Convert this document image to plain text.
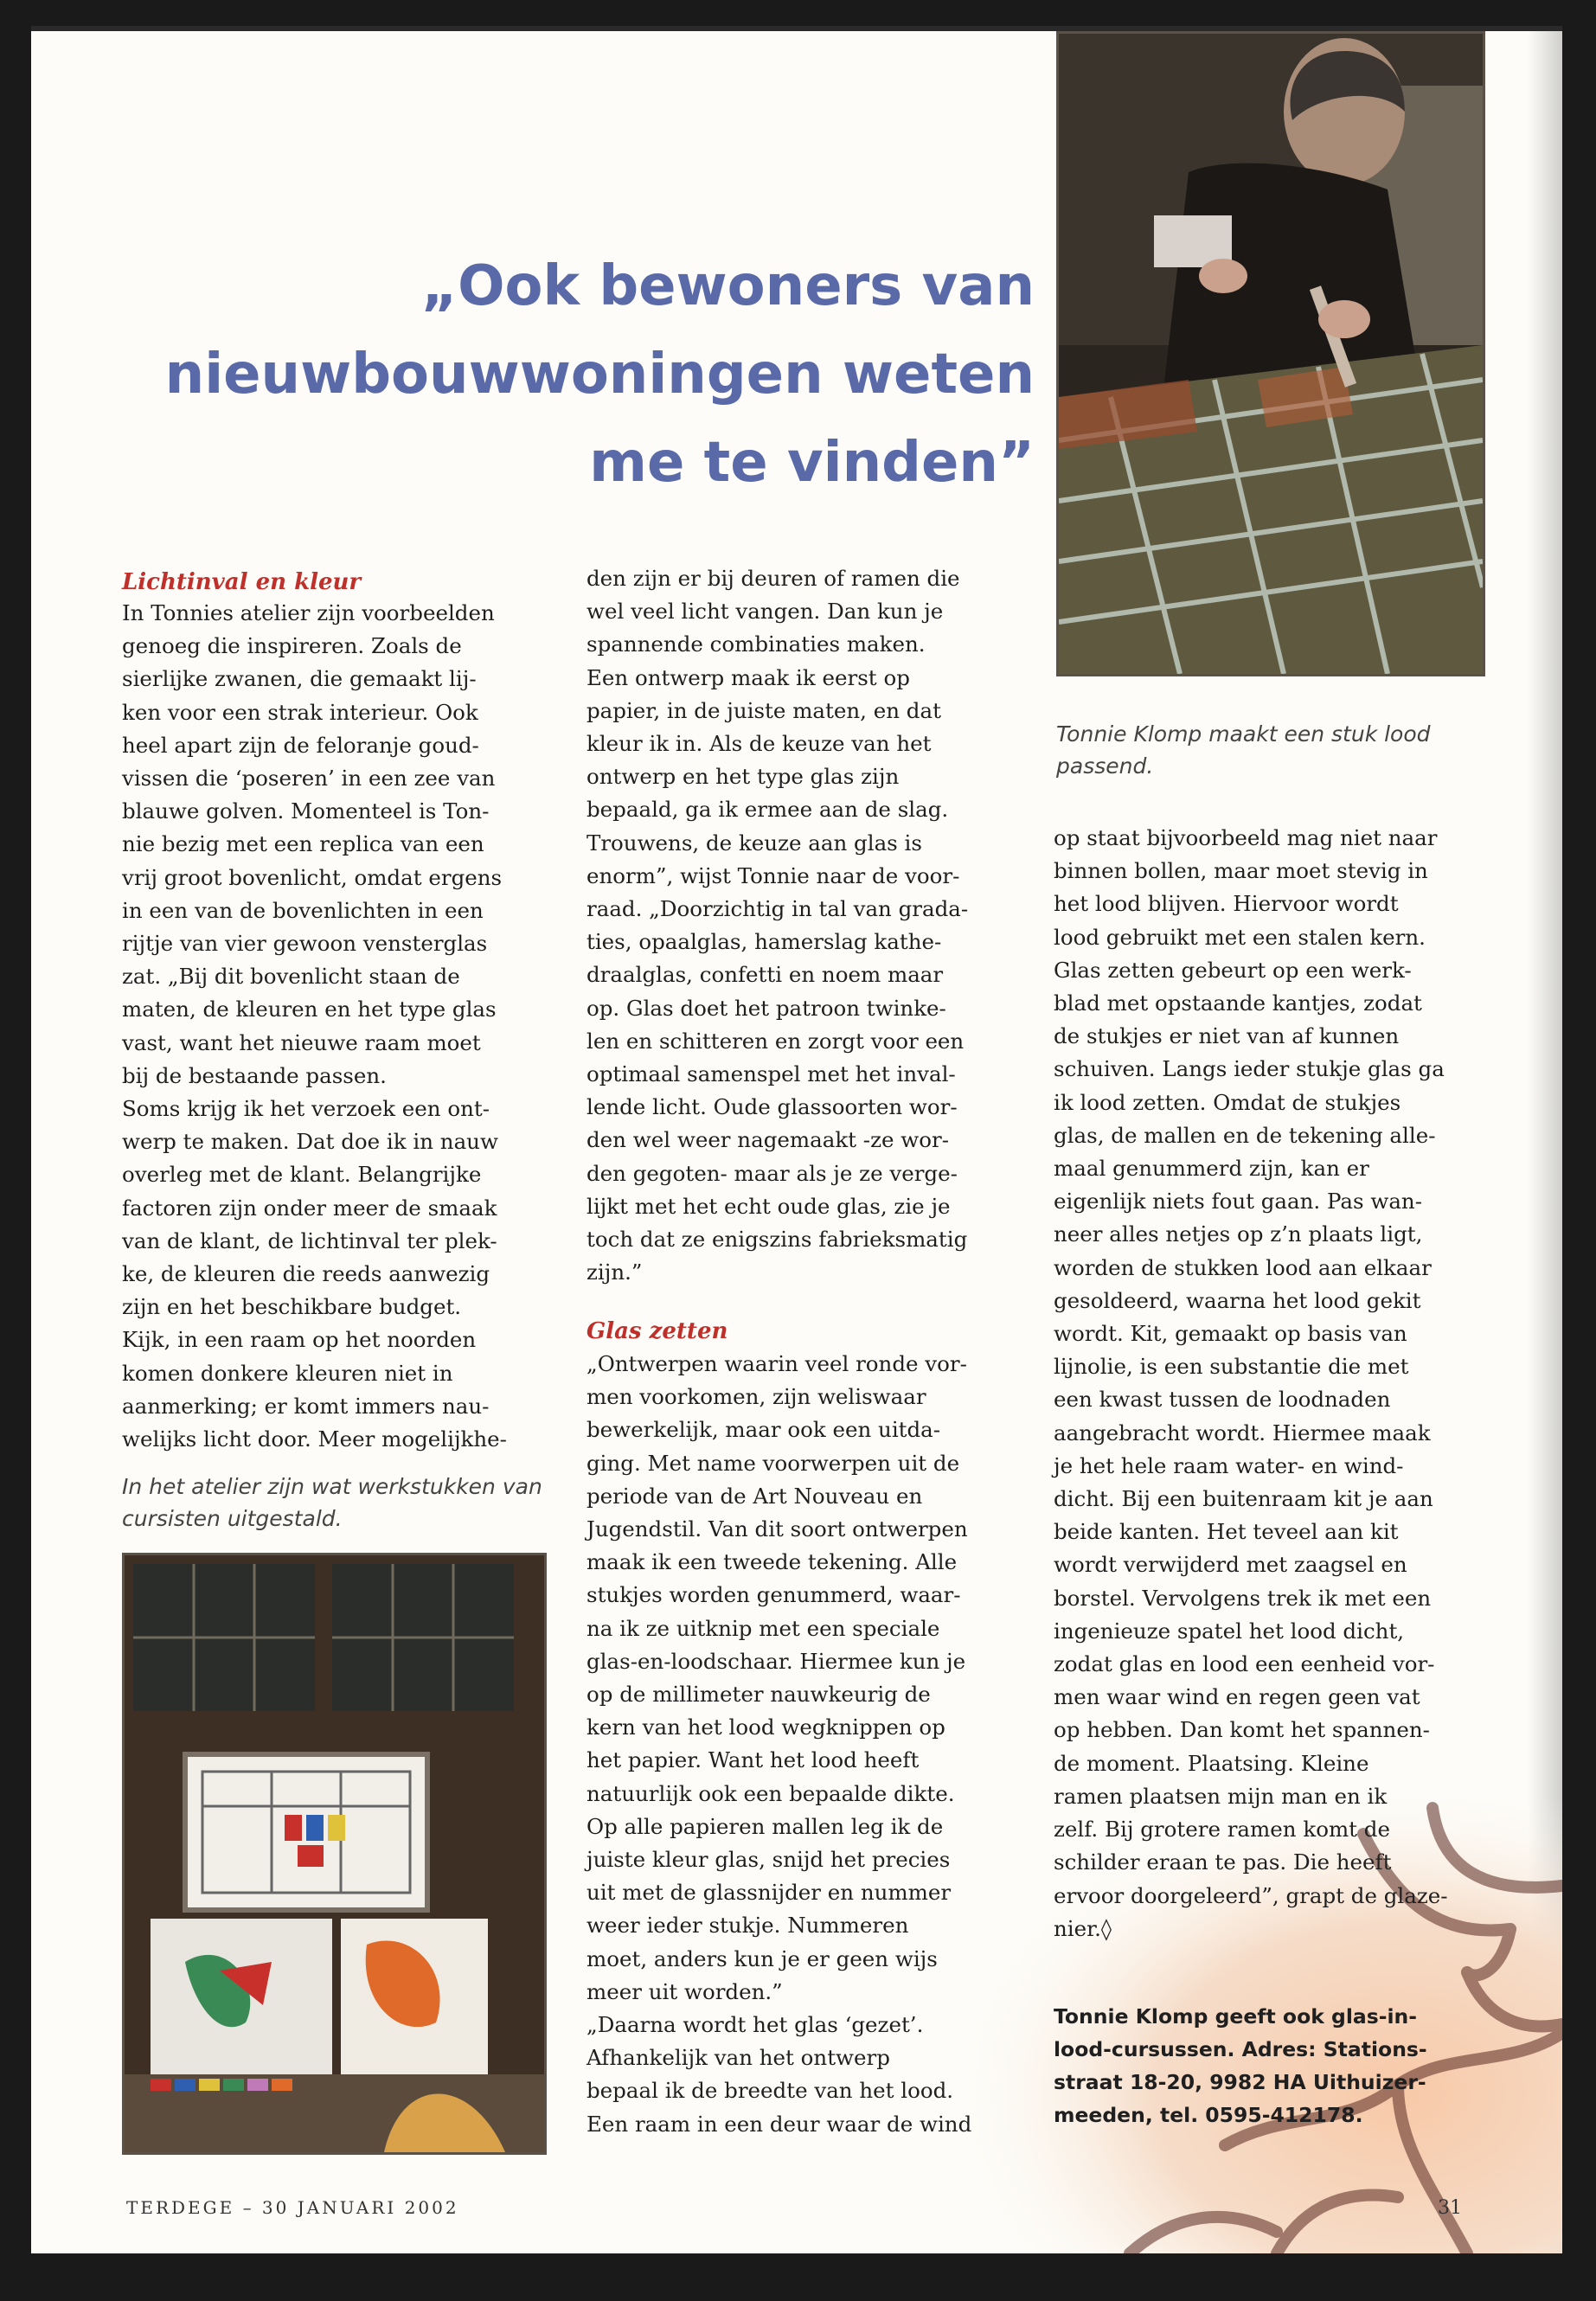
„Ook bewoners van
nieuwbouwwoningen weten
me te vinden”
Tonnie Klomp maakt een stuk lood passend.
Lichtinval en kleur
Glas zetten
In Tonnies atelier zijn voorbeelden
genoeg die inspireren. Zoals de
sierlijke zwanen, die gemaakt lij-
ken voor een strak interieur. Ook
heel apart zijn de feloranje goud-
vissen die ‘poseren’ in een zee van
blauwe golven. Momenteel is Ton-
nie bezig met een replica van een
vrij groot bovenlicht, omdat ergens
in een van de bovenlichten in een
rijtje van vier gewoon vensterglas
zat. „Bij dit bovenlicht staan de
maten, de kleuren en het type glas
vast, want het nieuwe raam moet
bij de bestaande passen.
Soms krijg ik het verzoek een ont-
werp te maken. Dat doe ik in nauw
overleg met de klant. Belangrijke
factoren zijn onder meer de smaak
van de klant, de lichtinval ter plek-
ke, de kleuren die reeds aanwezig
zijn en het beschikbare budget.
Kijk, in een raam op het noorden
komen donkere kleuren niet in
aanmerking; er komt immers nau-
welijks licht door. Meer mogelijkhe-
den zijn er bij deuren of ramen die
wel veel licht vangen. Dan kun je
spannende combinaties maken.
Een ontwerp maak ik eerst op
papier, in de juiste maten, en dat
kleur ik in. Als de keuze van het
ontwerp en het type glas zijn
bepaald, ga ik ermee aan de slag.
Trouwens, de keuze aan glas is
enorm”, wijst Tonnie naar de voor-
raad. „Doorzichtig in tal van grada-
ties, opaalglas, hamerslag kathe-
draalglas, confetti en noem maar
op. Glas doet het patroon twinke-
len en schitteren en zorgt voor een
optimaal samenspel met het inval-
lende licht. Oude glassoorten wor-
den wel weer nagemaakt -ze wor-
den gegoten- maar als je ze verge-
lijkt met het echt oude glas, zie je
toch dat ze enigszins fabrieksmatig
zijn.”
„Ontwerpen waarin veel ronde vor-
men voorkomen, zijn weliswaar
bewerkelijk, maar ook een uitda-
ging. Met name voorwerpen uit de
periode van de Art Nouveau en
Jugendstil. Van dit soort ontwerpen
maak ik een tweede tekening. Alle
stukjes worden genummerd, waar-
na ik ze uitknip met een speciale
glas-en-loodschaar. Hiermee kun je
op de millimeter nauwkeurig de
kern van het lood wegknippen op
het papier. Want het lood heeft
natuurlijk ook een bepaalde dikte.
Op alle papieren mallen leg ik de
juiste kleur glas, snijd het precies
uit met de glassnijder en nummer
weer ieder stukje. Nummeren
moet, anders kun je er geen wijs
meer uit worden.”
„Daarna wordt het glas ‘gezet’.
Afhankelijk van het ontwerp
bepaal ik de breedte van het lood.
Een raam in een deur waar de wind
op staat bijvoorbeeld mag niet naar
binnen bollen, maar moet stevig in
het lood blijven. Hiervoor wordt
lood gebruikt met een stalen kern.
Glas zetten gebeurt op een werk-
blad met opstaande kantjes, zodat
de stukjes er niet van af kunnen
schuiven. Langs ieder stukje glas ga
ik lood zetten. Omdat de stukjes
glas, de mallen en de tekening alle-
maal genummerd zijn, kan er
eigenlijk niets fout gaan. Pas wan-
neer alles netjes op z’n plaats ligt,
worden de stukken lood aan elkaar
gesoldeerd, waarna het lood gekit
wordt. Kit, gemaakt op basis van
lijnolie, is een substantie die met
een kwast tussen de loodnaden
aangebracht wordt. Hiermee maak
je het hele raam water- en wind-
dicht. Bij een buitenraam kit je aan
beide kanten. Het teveel aan kit
wordt verwijderd met zaagsel en
borstel. Vervolgens trek ik met een
ingenieuze spatel het lood dicht,
zodat glas en lood een eenheid vor-
men waar wind en regen geen vat
op hebben. Dan komt het spannen-
de moment. Plaatsing. Kleine
ramen plaatsen mijn man en ik
zelf. Bij grotere ramen komt de
schilder eraan te pas. Die heeft
ervoor doorgeleerd”, grapt de glaze-
nier.◊
In het atelier zijn wat werkstukken van cursisten uitgestald.
Tonnie Klomp geeft ook glas-in-
lood-cursussen. Adres: Stations-
straat 18-20, 9982 HA Uithuizer-
meeden, tel. 0595-412178.
TERDEGE – 30 JANUARI 2002	31
